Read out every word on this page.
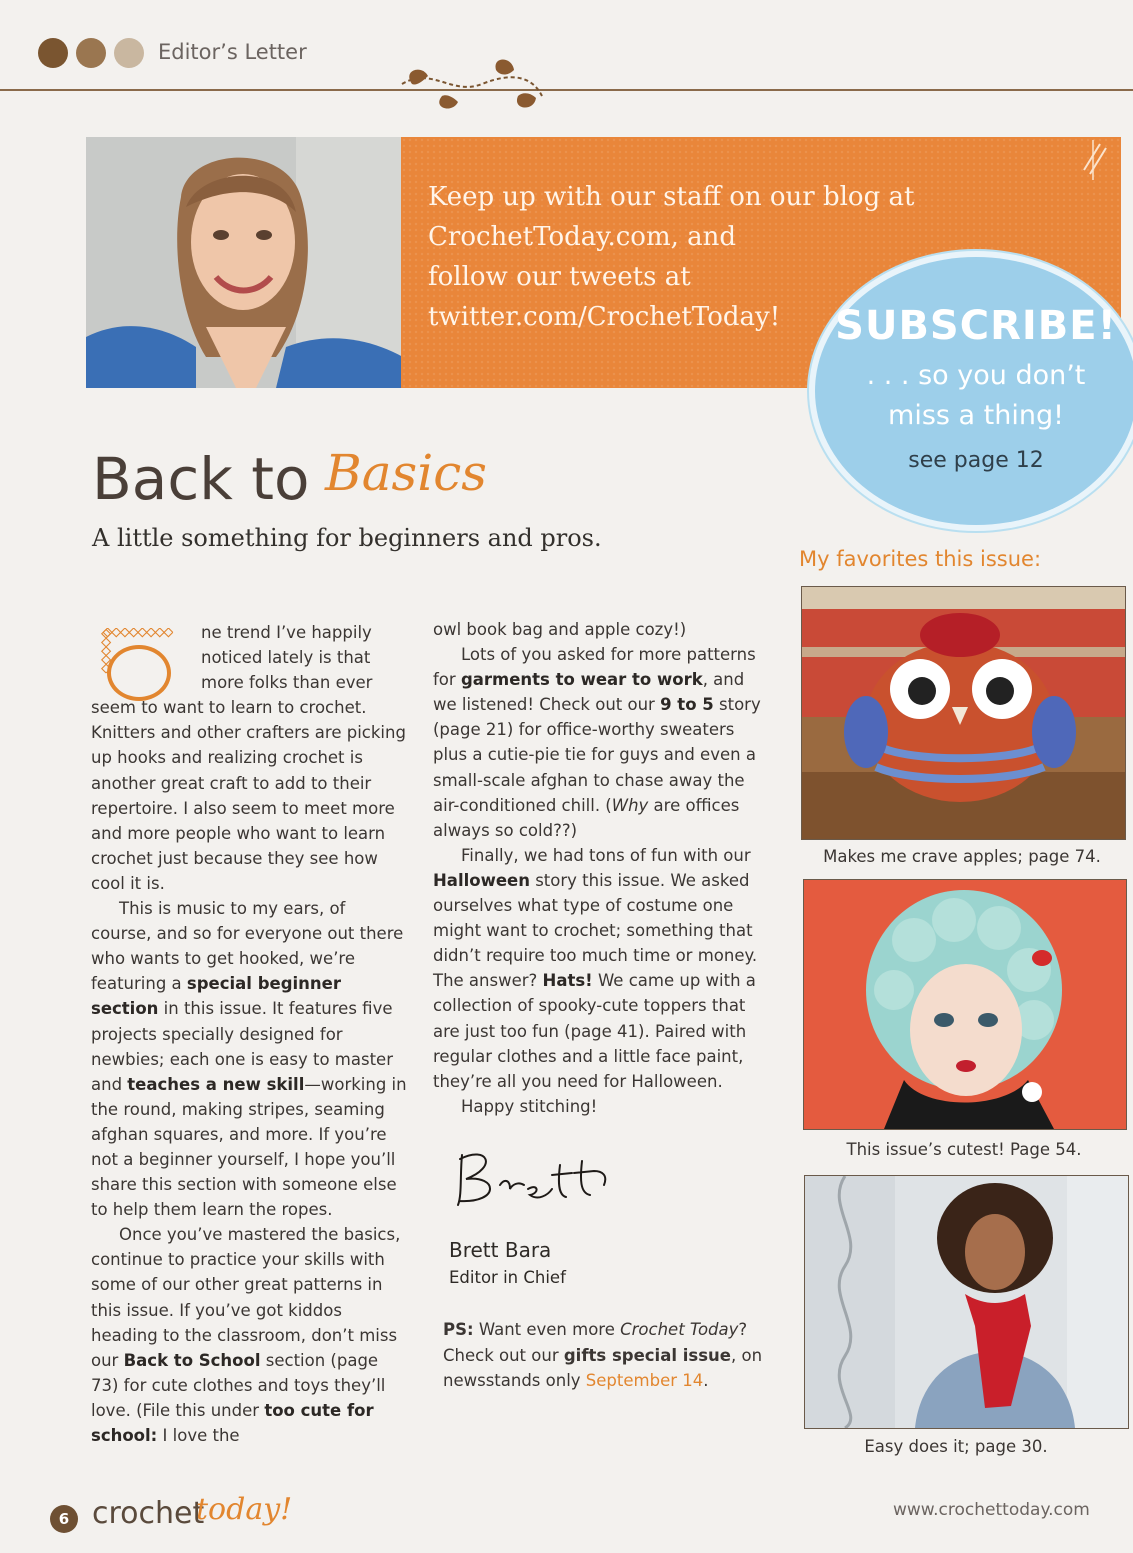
Editor’s Letter
Keep up with our staff on our blog at
CrochetToday.com, and
follow our tweets at
twitter.com/CrochetToday!	SUBSCRIBE!
. . . so you don’t
miss a thing!
see page 12
Back to Basics
A little something for beginners and pros.

ne trend I’ve happily noticed lately is that more folks than ever seem to want to learn to crochet. Knitters and other crafters are picking up hooks and realizing crochet is another great craft to add to their repertoire. I also seem to meet more and more people who want to learn crochet just because they see how cool it is.

This is music to my ears, of course, and so for everyone out there who wants to get hooked, we’re featuring a special beginner section in this issue. It features five projects specially designed for newbies; each one is easy to master and teaches a new skill—working in the round, making stripes, seaming afghan squares, and more. If you’re not a beginner yourself, I hope you’ll share this section with someone else to help them learn the ropes.

Once you’ve mastered the basics, continue to practice your skills with some of our other great patterns in this issue. If you’ve got kiddos heading to the classroom, don’t miss our Back to School section (page 73) for cute clothes and toys they’ll love. (File this under too cute for school: I love the

owl book bag and apple cozy!)

Lots of you asked for more patterns for garments to wear to work, and we listened! Check out our 9 to 5 story (page 21) for office-worthy sweaters plus a cutie-pie tie for guys and even a small-scale afghan to chase away the air-conditioned chill. (Why are offices always so cold??)

Finally, we had tons of fun with our Halloween story this issue. We asked ourselves what type of costume one might want to crochet; something that didn’t require too much time or money. The answer? Hats! We came up with a collection of spooky-cute toppers that are just too fun (page 41). Paired with regular clothes and a little face paint, they’re all you need for Halloween.

Happy stitching!

Brett Bara
Editor in Chief
PS: Want even more Crochet Today? Check out our gifts special issue, on newsstands only September 14.
My favorites this issue:
Makes me crave apples; page 74.
This issue’s cutest! Page 54.
Easy does it; page 30.
6 crochet
today!	www.crochettoday.com
